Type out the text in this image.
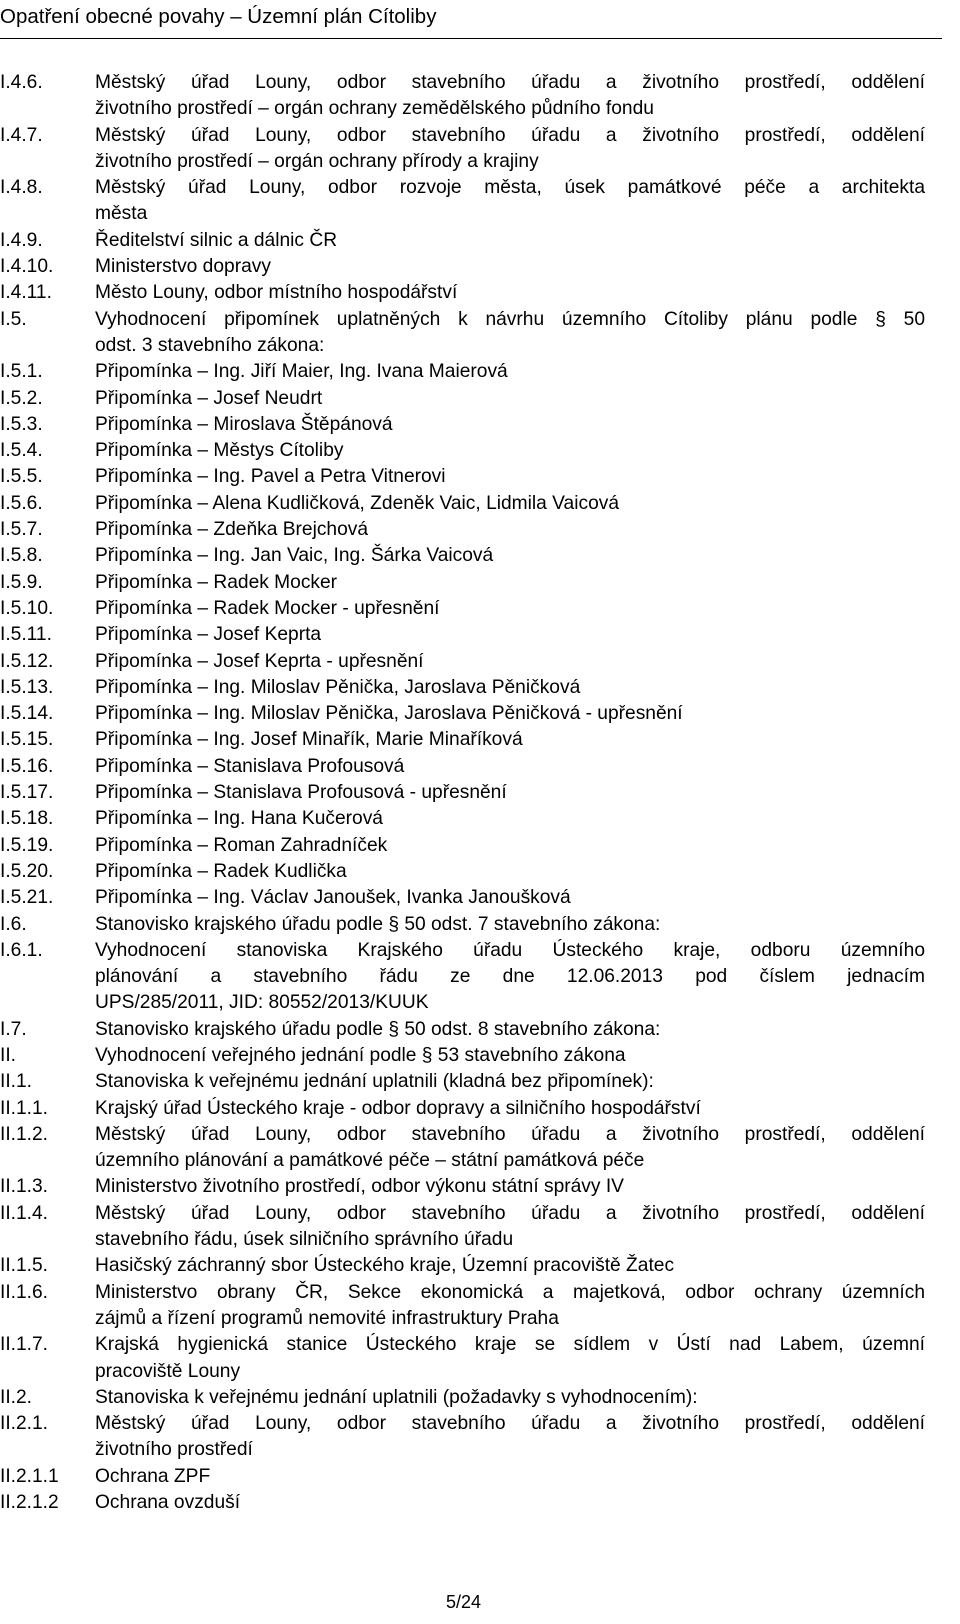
Opatření obecné povahy – Územní plán Cítoliby
I.4.6.	Městský úřad Louny, odbor stavebního úřadu a životního prostředí, oddělení
životního prostředí – orgán ochrany zemědělského půdního fondu
I.4.7.	Městský úřad Louny, odbor stavebního úřadu a životního prostředí, oddělení
životního prostředí – orgán ochrany přírody a krajiny
I.4.8.	Městský úřad Louny, odbor rozvoje města, úsek památkové péče a architekta
města
I.4.9.	Ředitelství silnic a dálnic ČR
I.4.10.	Ministerstvo dopravy
I.4.11.	Město Louny, odbor místního hospodářství
I.5.	Vyhodnocení připomínek uplatněných k návrhu územního Cítoliby plánu podle § 50
odst. 3 stavebního zákona:
I.5.1.	Připomínka – Ing. Jiří Maier, Ing. Ivana Maierová
I.5.2.	Připomínka – Josef Neudrt
I.5.3.	Připomínka – Miroslava Štěpánová
I.5.4.	Připomínka – Městys Cítoliby
I.5.5.	Připomínka – Ing. Pavel a Petra Vitnerovi
I.5.6.	Připomínka – Alena Kudličková, Zdeněk Vaic, Lidmila Vaicová
I.5.7.	Připomínka – Zdeňka Brejchová
I.5.8.	Připomínka – Ing. Jan Vaic, Ing. Šárka Vaicová
I.5.9.	Připomínka – Radek Mocker
I.5.10.	Připomínka – Radek Mocker - upřesnění
I.5.11.	Připomínka – Josef Keprta
I.5.12.	Připomínka – Josef Keprta - upřesnění
I.5.13.	Připomínka – Ing. Miloslav Pěnička, Jaroslava Pěničková
I.5.14.	Připomínka – Ing. Miloslav Pěnička, Jaroslava Pěničková - upřesnění
I.5.15.	Připomínka – Ing. Josef Minařík, Marie Minaříková
I.5.16.	Připomínka – Stanislava Profousová
I.5.17.	Připomínka – Stanislava Profousová - upřesnění
I.5.18.	Připomínka – Ing. Hana Kučerová
I.5.19.	Připomínka – Roman Zahradníček
I.5.20.	Připomínka – Radek Kudlička
I.5.21.	Připomínka – Ing. Václav Janoušek, Ivanka Janoušková
I.6.	Stanovisko krajského úřadu podle § 50 odst. 7 stavebního zákona:
I.6.1.	Vyhodnocení stanoviska Krajského úřadu Ústeckého kraje, odboru územního
plánování a stavebního řádu ze dne 12.06.2013 pod číslem jednacím
UPS/285/2011, JID: 80552/2013/KUUK
I.7.	Stanovisko krajského úřadu podle § 50 odst. 8 stavebního zákona:
II.	Vyhodnocení veřejného jednání podle § 53 stavebního zákona
II.1.	Stanoviska k veřejnému jednání uplatnili (kladná bez připomínek):
II.1.1.	Krajský úřad Ústeckého kraje - odbor dopravy a silničního hospodářství
II.1.2.	Městský úřad Louny, odbor stavebního úřadu a životního prostředí, oddělení
územního plánování a památkové péče – státní památková péče
II.1.3.	Ministerstvo životního prostředí, odbor výkonu státní správy IV
II.1.4.	Městský úřad Louny, odbor stavebního úřadu a životního prostředí, oddělení
stavebního řádu, úsek silničního správního úřadu
II.1.5.	Hasičský záchranný sbor Ústeckého kraje, Územní pracoviště Žatec
II.1.6.	Ministerstvo obrany ČR, Sekce ekonomická a majetková, odbor ochrany územních
zájmů a řízení programů nemovité infrastruktury Praha
II.1.7.	Krajská hygienická stanice Ústeckého kraje se sídlem v Ústí nad Labem, územní
pracoviště Louny
II.2.	Stanoviska k veřejnému jednání uplatnili (požadavky s vyhodnocením):
II.2.1.	Městský úřad Louny, odbor stavebního úřadu a životního prostředí, oddělení
životního prostředí
II.2.1.1	Ochrana ZPF
II.2.1.2	Ochrana ovzduší
5/24
